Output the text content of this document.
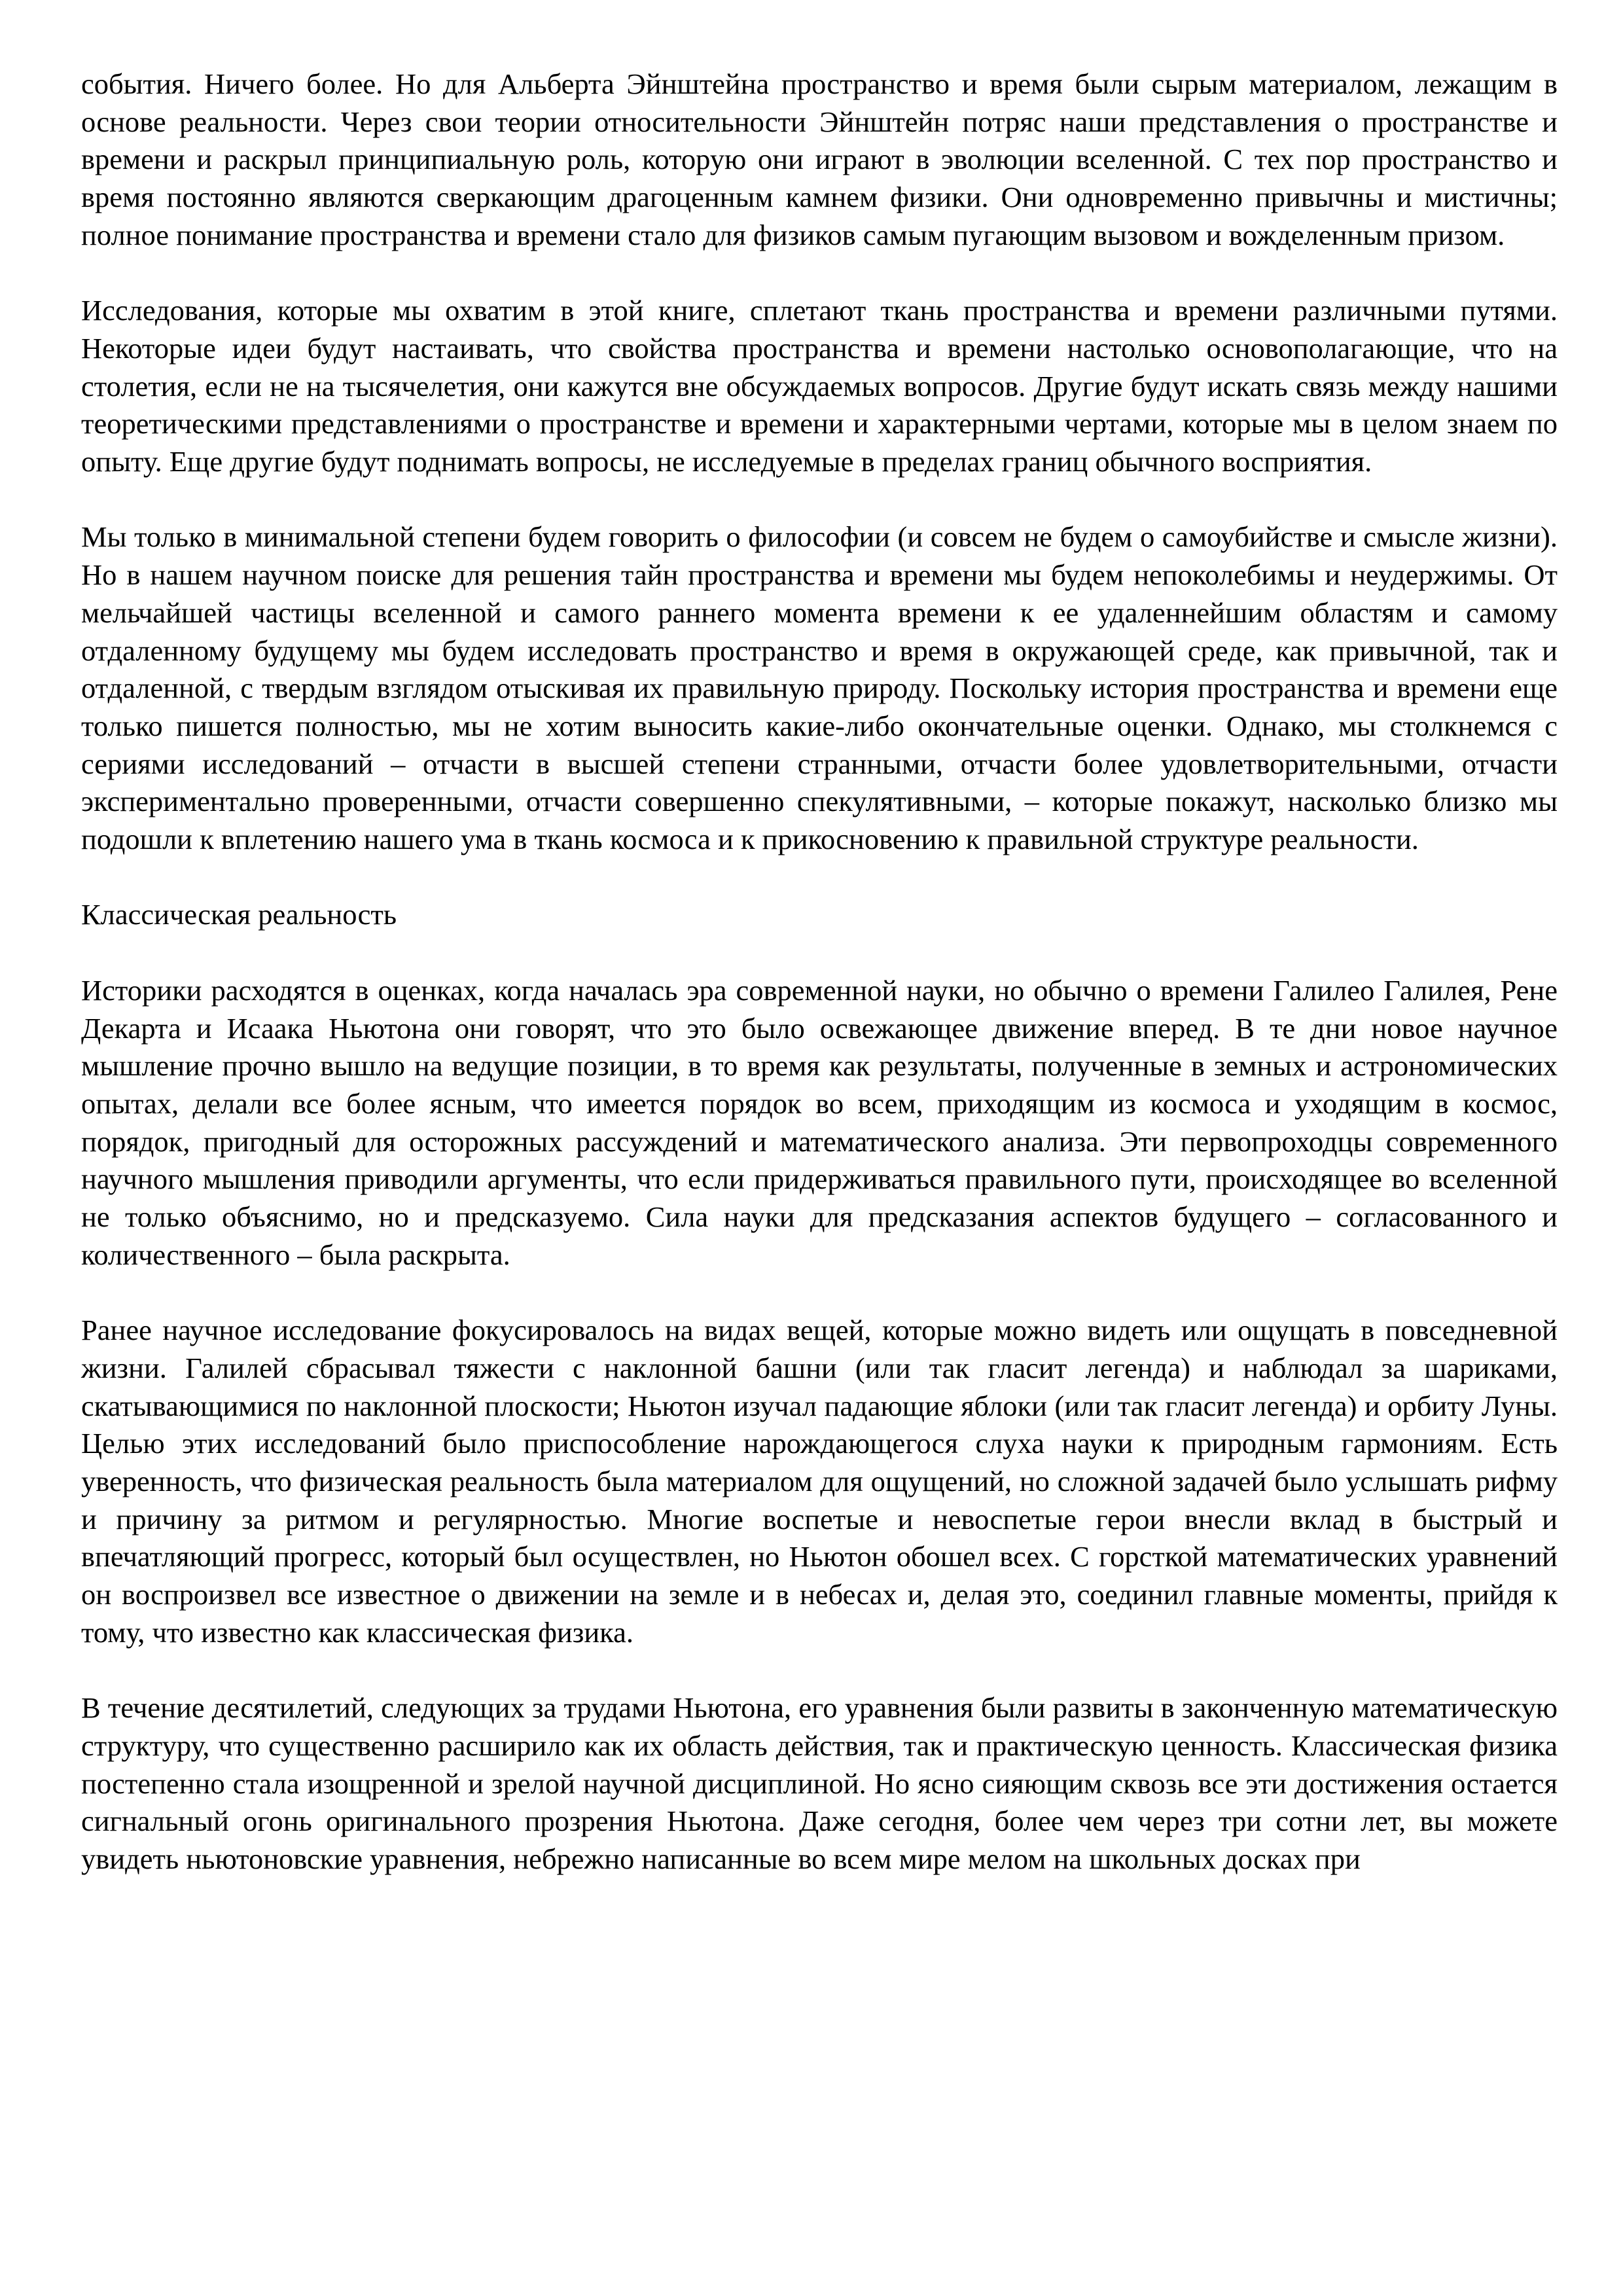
события. Ничего более. Но для Альберта Эйнштейна пространство и время были сырым материалом, лежащим в основе реальности. Через свои теории относительности Эйнштейн потряс наши представления о пространстве и времени и раскрыл принципиальную роль, которую они играют в эволюции вселенной. С тех пор пространство и время постоянно являются сверкающим драгоценным камнем физики. Они одновременно привычны и мистичны; полное понимание пространства и времени стало для физиков самым пугающим вызовом и вожделенным призом.

Исследования, которые мы охватим в этой книге, сплетают ткань пространства и времени различными путями. Некоторые идеи будут настаивать, что свойства пространства и времени настолько основополагающие, что на столетия, если не на тысячелетия, они кажутся вне обсуждаемых вопросов. Другие будут искать связь между нашими теоретическими представлениями о пространстве и времени и характерными чертами, которые мы в целом знаем по опыту. Еще другие будут поднимать вопросы, не исследуемые в пределах границ обычного восприятия.

Мы только в минимальной степени будем говорить о философии (и совсем не будем о самоубийстве и смысле жизни). Но в нашем научном поиске для решения тайн пространства и времени мы будем непоколебимы и неудержимы. От мельчайшей частицы вселенной и самого раннего момента времени к ее удаленнейшим областям и самому отдаленному будущему мы будем исследовать пространство и время в окружающей среде, как привычной, так и отдаленной, с твердым взглядом отыскивая их правильную природу. Поскольку история пространства и времени еще только пишется полностью, мы не хотим выносить какие-либо окончательные оценки. Однако, мы столкнемся с сериями исследований – отчасти в высшей степени странными, отчасти более удовлетворительными, отчасти экспериментально проверенными, отчасти совершенно спекулятивными, – которые покажут, насколько близко мы подошли к вплетению нашего ума в ткань космоса и к прикосновению к правильной структуре реальности.

Классическая реальность

Историки расходятся в оценках, когда началась эра современной науки, но обычно о времени Галилео Галилея, Рене Декарта и Исаака Ньютона они говорят, что это было освежающее движение вперед. В те дни новое научное мышление прочно вышло на ведущие позиции, в то время как результаты, полученные в земных и астрономических опытах, делали все более ясным, что имеется порядок во всем, приходящим из космоса и уходящим в космос, порядок, пригодный для осторожных рассуждений и математического анализа. Эти первопроходцы современного научного мышления приводили аргументы, что если придерживаться правильного пути, происходящее во вселенной не только объяснимо, но и предсказуемо. Сила науки для предсказания аспектов будущего – согласованного и количественного – была раскрыта.

Ранее научное исследование фокусировалось на видах вещей, которые можно видеть или ощущать в повседневной жизни. Галилей сбрасывал тяжести с наклонной башни (или так гласит легенда) и наблюдал за шариками, скатывающимися по наклонной плоскости; Ньютон изучал падающие яблоки (или так гласит легенда) и орбиту Луны. Целью этих исследований было приспособление нарождающегося слуха науки к природным гармониям. Есть уверенность, что физическая реальность была материалом для ощущений, но сложной задачей было услышать рифму и причину за ритмом и регулярностью. Многие воспетые и невоспетые герои внесли вклад в быстрый и впечатляющий прогресс, который был осуществлен, но Ньютон обошел всех. С горсткой математических уравнений он воспроизвел все известное о движении на земле и в небесах и, делая это, соединил главные моменты, прийдя к тому, что известно как классическая физика.

В течение десятилетий, следующих за трудами Ньютона, его уравнения были развиты в законченную математическую структуру, что существенно расширило как их область действия, так и практическую ценность. Классическая физика постепенно стала изощренной и зрелой научной дисциплиной. Но ясно сияющим сквозь все эти достижения остается сигнальный огонь оригинального прозрения Ньютона. Даже сегодня, более чем через три сотни лет, вы можете увидеть ньютоновские уравнения, небрежно написанные во всем мире мелом на школьных досках при
